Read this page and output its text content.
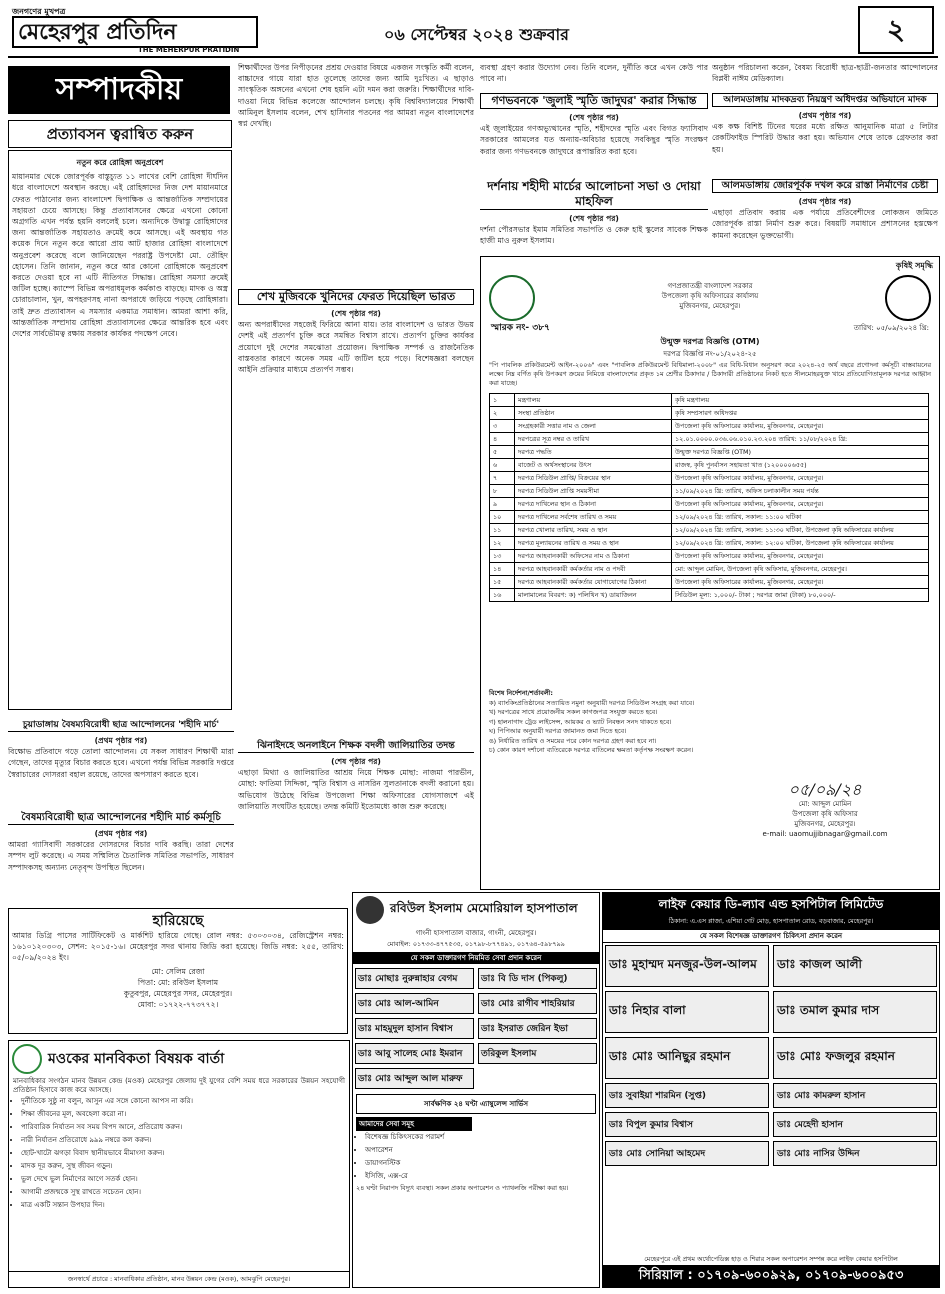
জনগণের মুখপত্র
মেহেরপুর প্রতিদিন
THE MEHERPUR PRATIDIN
০৬ সেপ্টেম্বর ২০২৪ শুক্রবার	২
সম্পাদকীয়
প্রত্যাবসন ত্বরান্বিত করুন
নতুন করে রোহিঙ্গা অনুপ্রবেশ

মায়ানমার থেকে জোরপূর্বক বাস্তুচ্যুত ১১ লাখের বেশি রোহিঙ্গা দীর্ঘদিন ধরে বাংলাদেশে অবস্থান করছে। এই রোহিঙ্গাদের নিজ দেশ মায়ানমারে ফেরত পাঠানোর জন্য বাংলাদেশ দ্বিপাক্ষিক ও আন্তর্জাতিক সম্প্রদায়ের সহায়তা চেয়ে আসছে। কিন্তু প্রত্যাবাসনের ক্ষেত্রে এখনো কোনো অগ্রগতি এখন পর্যন্ত হয়নি বললেই চলে। অন্যদিকে উদ্বাস্তু রোহিঙ্গাদের জন্য আন্তর্জাতিক সহায়তাও ক্রমেই কমে আসছে। এই অবস্থায় গত কয়েক দিনে নতুন করে আরো প্রায় আট হাজার রোহিঙ্গা বাংলাদেশে অনুপ্রবেশ করেছে বলে জানিয়েছেন পররাষ্ট্র উপদেষ্টা মো. তৌহিদ হোসেন। তিনি জানান, নতুন করে আর কোনো রোহিঙ্গাকে অনুপ্রবেশ করতে দেওয়া হবে না এটি নীতিগত সিদ্ধান্ত। রোহিঙ্গা সমস্যা ক্রমেই জটিল হচ্ছে। ক্যাম্পে বিভিন্ন অপরাধমূলক কর্মকাণ্ড বাড়ছে। মাদক ও অস্ত্র চোরাচালান, খুন, অপহরণসহ নানা অপরাধে জড়িয়ে পড়ছে রোহিঙ্গারা। তাই দ্রুত প্রত্যাবাসন এ সমস্যার একমাত্র সমাধান। আমরা আশা করি, আন্তর্জাতিক সম্প্রদায় রোহিঙ্গা প্রত্যাবাসনের ক্ষেত্রে আন্তরিক হবে এবং দেশের সার্বভৌমত্ব রক্ষায় সরকার কার্যকর পদক্ষেপ নেবে।

চুয়াডাঙ্গায় বৈষম্যবিরোধী ছাত্র আন্দোলনের 'শহীদি মার্চ'
(প্রথম পৃষ্ঠার পর)

বিক্ষোভ প্রতিবাদে গড়ে তোলা আন্দোলন। যে সকল সাধারণ শিক্ষার্থী মারা গেছেন, তাদের মৃত্যুর বিচার করতে হবে। এখনো পর্যন্ত বিভিন্ন সরকারি দপ্তরে স্বৈরাচারের দোসররা বহাল রয়েছে, তাদের অপসারণ করতে হবে।

বৈষম্যবিরোধী ছাত্র আন্দোলনের শহীদি মার্চ কর্মসূচি
(প্রথম পৃষ্ঠার পর)

আমরা গ্যাসিবাদী সরকারের দোসরদের বিচার দাবি করছি। তারা দেশের সম্পদ লুট করেছে। এ সময় সম্মিলিত চৈতালিক সমিতির সভাপতি, সাধারণ সম্পাদকসহ অন্যান্য নেতৃবৃন্দ উপস্থিত ছিলেন।

হারিয়েছে

আমার ডিগ্রি পাসের সার্টিফিকেট ও মার্কশিট হারিয়ে গেছে। রোল নম্বর: ৫৩০৩০৩৪, রেজিস্ট্রেশন নম্বর: ১৬১০১২০৩০৩, সেশন: ২০১৫-১৬। মেহেরপুর সদর থানায় জিডি করা হয়েছে। জিডি নম্বর: ২৫৫, তারিখ: ০৫/০৯/২০২৪ ইং।

মো: সেলিম রেজা
পিতা: মো: রবিউল ইসলাম
কুতুবপুর, মেহেরপুর সদর, মেহেরপুর।
মোবা: ০১৭২২-৭৭৩৭৭২।
মওকের মানবিকতা বিষয়ক বার্তা
মানবাধিকার সংগঠন মানব উন্নয়ন কেন্দ্র (মওক) মেহেরপুর জেলায় দুই যুগের বেশি সময় ধরে সরকারের উন্নয়ন সহযোগী প্রতিষ্ঠান হিসাবে কাজ করে আসছে।
• দুর্নীতিকে সুষ্ঠু না বলুন, আসুন এর সঙ্গে কোনো আপস না করি।
• শিক্ষা জীবনের মূল, অবহেলা করো না।
• পারিবারিক নির্যাতন সব সময় বিপদ আনে, প্রতিরোধ করুন।
• নারী নির্যাতন প্রতিরোধে ৯৯৯ নম্বরে কল করুন।
• ছোট-খাটো ঝগড়া বিবাদ স্থানীয়ভাবে মীমাংসা করুন।
• মাদক দূর করুন, সুস্থ জীবন গড়ুন।
• ভুল দেখে ভুল নির্মাণের আগে সতর্ক হোন।
• আগামী প্রজন্মকে সুস্থ রাখতে সচেতন হোন।
• মাত্র একটি সন্তান উপহার দিন।
জনস্বার্থে প্রচারে : মানবাধিকার প্রতিষ্ঠান, মানব উন্নয়ন কেন্দ্র (মওক), আমঝুপি মেহেরপুর।

শিক্ষার্থীদের উপর নিপীড়নের প্রশ্রয় দেওয়ার বিষয়ে একজন সংস্কৃতি কর্মী বলেন, বাচ্চাদের গায়ে যারা হাত তুলেছে তাদের জন্য আমি দুঃখিত। এ ছাড়াও সাংস্কৃতিক অঙ্গনের এখনো শেষ হয়নি এটা দমন করা জরুরি। শিক্ষার্থীদের দাবি-দাওয়া নিয়ে বিভিন্ন কলেজে আন্দোলন চলছে। কৃষি বিশ্ববিদ্যালয়ের শিক্ষার্থী আমিনুল ইসলাম বলেন, শেখ হাসিনার পতনের পর আমরা নতুন বাংলাদেশের স্বপ্ন দেখছি।

শেখ মুজিবকে খুনিদের ফেরত দিয়েছিল ভারত
(শেষ পৃষ্ঠার পর)

অন্য অপরাধীদের সহজেই ফিরিয়ে আনা যায়। তার বাংলাদেশ ও ভারত উভয় দেশই এই প্রত্যর্পণ চুক্তি করে সমন্বিত বিশ্বাস রাখে। প্রত্যর্পণ চুক্তির কার্যকর প্রয়োগে দুই দেশের সমঝোতা প্রয়োজন। দ্বিপাক্ষিক সম্পর্ক ও রাজনৈতিক বাস্তবতার কারণে অনেক সময় এটি জটিল হয়ে পড়ে। বিশেষজ্ঞরা বলছেন আইনি প্রক্রিয়ার মাধ্যমে প্রত্যর্পণ সম্ভব।

ঝিনাইদহে অনলাইনে শিক্ষক বদলী জালিয়াতির তদন্ত
(শেষ পৃষ্ঠার পর)

এছাড়া মিথ্যা ও জালিয়াতির আশ্রয় নিয়ে শিক্ষক মোছা: নাজমা পারভীন, মোছা: ফাতিমা সিদ্দিকা, স্মৃতি বিশ্বাস ও নাসরিন সুলতানাকে বদলী করানো হয়। অভিযোগ উঠেছে বিভিন্ন উপজেলা শিক্ষা অফিসারের যোগসাজশে এই জালিয়াতি সংঘটিত হয়েছে। তদন্ত কমিটি ইতোমধ্যে কাজ শুরু করেছে।

ব্যবস্থা গ্রহণ করার উদ্যোগ নেব। তিনি বলেন, দুর্নীতি করে এখন কেউ পার পাবে না।

অনুষ্ঠান পরিচালনা করেন, বৈষম্য বিরোধী ছাত্র-ছাত্রী-জনতার আন্দোলনের বিপ্লবী নাঈম মেডিক্যাল।

গণভবনকে 'জুলাই স্মৃতি জাদুঘর' করার সিদ্ধান্ত
(শেষ পৃষ্ঠার পর)

এই জুলাইয়ের গণঅভ্যুত্থানের স্মৃতি, শহীদদের স্মৃতি এবং বিগত ফ্যাসিবাদ সরকারের আমলের যত অন্যায়-অবিচার হয়েছে সবকিছুর স্মৃতি সংরক্ষণ করার জন্য গণভবনকে জাদুঘরে রূপান্তরিত করা হবে।

দর্শনায় শহীদী মার্চের আলোচনা সভা ও দোয়া মাহফিল
(শেষ পৃষ্ঠার পর)

দর্শনা পৌরসভার ইমাম সমিতির সভাপতি ও কেরু হাই স্কুলের সাবেক শিক্ষক হাজী মাও নুরুল ইসলাম।

আলমডাঙ্গায় মাদকদ্রব্য নিয়ন্ত্রণ অধিদপ্তর অভিযানে মাদক
(প্রথম পৃষ্ঠার পর)

এক কক্ষ বিশিষ্ট টিনের ঘরের মধ্যে রক্ষিত আনুমানিক মাত্রা ৫ লিটার রেকটিফাইড স্পিরিট উদ্ধার করা হয়। অভিযান শেষে তাকে গ্রেফতার করা হয়।

আলমডাঙ্গায় জোরপূর্বক দখল করে রাস্তা নির্মাণের চেষ্টা
(প্রথম পৃষ্ঠার পর)

এছাড়া প্রতিবাদ করায় এক পর্যায়ে প্রতিবেশীদের লোকজন জমিতে জোরপূর্বক রাস্তা নির্মাণ শুরু করে। বিষয়টি সমাধানে প্রশাসনের হস্তক্ষেপ কামনা করেছেন ভুক্তভোগী।

কৃষিই সমৃদ্ধি
গণপ্রজাতন্ত্রী বাংলাদেশ সরকার
উপজেলা কৃষি অফিসারের কার্যালয়
মুজিবনগর, মেহেরপুর।
স্মারক নং- ৩৮৭	তারিখ: ০৫/০৯/২০২৪ খ্রি:
উন্মুক্ত দরপত্র বিজ্ঞপ্তি (OTM)
দরপত্র বিজ্ঞপ্তি নং-০১/২০২৪-২৫
"পি পাবলিক প্রকিউরমেন্ট আইন-২০০৬" এবং "পাবলিক প্রকিউরমেন্ট বিধিমালা-২০০৮" এর বিধি-বিধান অনুসরণ করে ২০২৪-২৫ অর্থ বছরে প্রণোদনা কর্মসূচী বাস্তবায়নের লক্ষ্যে নিম্ন বর্ণিত কৃষি উপকরণ ক্রয়ের নিমিত্তে বাংলাদেশের প্রকৃত ১ম শ্রেণীর ঠিকাদার / ঠিকাদারী প্রতিষ্ঠানের নিকট হতে সীলমোহরযুক্ত খামে প্রতিযোগিতামূলক দরপত্র আহ্বান করা যাচ্ছে।
১	মন্ত্রণালয়	কৃষি মন্ত্রণালয়
২	সংস্থা প্রতিষ্ঠান	কৃষি সম্প্রসারণ অধিদপ্তর
৩	সংগ্রহকারী সত্তার নাম ও জেলা	উপজেলা কৃষি অফিসারের কার্যালয়, মুজিবনগর, মেহেরপুর।
৪	দরপত্রের সূত্র নম্বর ও তারিখ	১২.০১.০০০০.০৩৬.০৬.০১০.২৩.২০৪ তারিখ: ১১/০৮/২০২৪ খ্রি:
৫	দরপত্র পদ্ধতি	উন্মুক্ত দরপত্র বিজ্ঞপ্তি (OTM)
৬	বাজেট ও অর্থসংস্থানের উৎস	রাজস্ব, কৃষি পুনর্বাসন সহায়তা খাত (১২০০০০৬৫৫)
৭	দরপত্র সিডিউল প্রাপ্তি/ বিক্রয়ের স্থান	উপজেলা কৃষি অফিসারের কার্যালয়, মুজিবনগর, মেহেরপুর।
৮	দরপত্র সিডিউল প্রাপ্তি সময়সীমা	১১/০৯/২০২৪ খ্রি: তারিখ, অফিস চলাকালীন সময় পর্যন্ত
৯	দরপত্র দাখিলের স্থান ও ঠিকানা	উপজেলা কৃষি অফিসারের কার্যালয়, মুজিবনগর, মেহেরপুর।
১০	দরপত্র দাখিলের সর্বশেষ তারিখ ও সময়	১২/০৯/২০২৪ খ্রি: তারিখ, সকাল: ১১:০০ ঘটিকা
১১	দরপত্র খোলার তারিখ, সময় ও স্থান	১২/০৯/২০২৪ খ্রি: তারিখ, সকাল: ১১:৩০ ঘটিকা, উপজেলা কৃষি অফিসারের কার্যালয়
১২	দরপত্র মূল্যায়নের তারিখ ও সময় ও স্থান	১২/০৯/২০২৪ খ্রি: তারিখ, সকাল: ১২:০০ ঘটিকা, উপজেলা কৃষি অফিসারের কার্যালয়
১৩	দরপত্র আহবানকারী অফিসের নাম ও ঠিকানা	উপজেলা কৃষি অফিসারের কার্যালয়, মুজিবনগর, মেহেরপুর।
১৪	দরপত্র আহবানকারী কর্মকর্তার নাম ও পদবী	মো: আব্দুল মোমিন, উপজেলা কৃষি অফিসার, মুজিবনগর, মেহেরপুর।
১৫	দরপত্র আহবানকারী কর্মকর্তার যোগাযোগের ঠিকানা	উপজেলা কৃষি অফিসারের কার্যালয়, মুজিবনগর, মেহেরপুর।
১৬	মালামালের বিবরণ: ক) পলিথিন খ) ডায়াজিনন	সিডিউল মূল্য: ১,০০০/- টাকা ; দরপত্র জামা (টাকা) ৮০,০০০/-
বিশেষ নির্দেশনা/শর্তাবলী:
ক) ব্যাংকিংপ্রতিষ্ঠানের সত্যায়িত নমুনা অনুযায়ী দরপত্র সিডিউল সংগ্রহ করা যাবে।
খ) দরপত্রের সাথে প্রয়োজনীয় সকল কাগজপত্র সংযুক্ত করতে হবে।
গ) হালনাগাদ ট্রেড লাইসেন্স, আয়কর ও ভ্যাট নিবন্ধন সনদ থাকতে হবে।
ঘ) পিপিআর অনুযায়ী দরপত্র জামানত জমা দিতে হবে।
ঙ) নির্ধারিত তারিখ ও সময়ের পরে কোন দরপত্র গ্রহণ করা হবে না।
চ) কোন কারণ দর্শানো ব্যতিরেকে দরপত্র বাতিলের ক্ষমতা কর্তৃপক্ষ সংরক্ষণ করেন।
০৫/০৯/২৪
মো: আব্দুল মোমিন
উপজেলা কৃষি অফিসার
মুজিবনগর, মেহেরপুর।
e-mail: uaomujjibnagar@gmail.com
রবিউল ইসলাম মেমোরিয়াল হাসপাতাল
গাংনী হাসপাতাল বাজার, গাংনী, মেহেরপুর।
মোবাইল: ০১৭৩৩-৪৭৭৫৩৫, ০১৭৯৮-৮৭৭৪৯১, ০১৭৬৪-৫৯৮৭৯৯
যে সকল ডাক্তারগণ নিয়মিত সেবা প্রদান করেন
ডাঃ মোছাঃ নুরুন্নাহার বেগম	ডাঃ বি ডি দাস (পিকলু)
ডাঃ মোঃ আল-আমিন	ডাঃ মোঃ রাগীব শাহরিয়ার
ডাঃ মাহমুদুল হাসান বিশ্বাস	ডাঃ ইসরাত জেরিন ইভা
ডাঃ আবু সালেহ মোঃ ইমরান	তরিকুল ইসলাম
ডাঃ মোঃ আব্দুল আল মারুফ
সার্বক্ষণিক ২৪ ঘণ্টা এ্যাম্বুলেন্স সার্ভিস
আমাদের সেবা সমূহ
• বিশেষজ্ঞ চিকিৎসকের পরামর্শ
• অপারেশন
• ডায়াগনস্টিক
• ইসিজি, এক্স-রে
২৪ ঘণ্টা নিরাপদ বিদ্যুৎ ব্যবস্থা। সকল প্রকার অপারেশন ও প্যাথলজি পরীক্ষা করা হয়।
লাইফ কেয়ার ডি-ল্যাব এন্ড হসপিটাল লিমিটেড
ঠিকানা: এ.এস প্লাজা, এশিয়া গেট মোড়, হাসপাতাল রোড, বড়বাজার, মেহেরপুর।
যে সকল বিশেষজ্ঞ ডাক্তারগণ চিকিৎসা প্রদান করেন
ডাঃ মুহাম্মদ মনজুর-উল-আলম	ডাঃ কাজল আলী
ডাঃ নিহার বালা	ডাঃ তমাল কুমার দাস
ডাঃ মোঃ আনিছুর রহমান	ডাঃ মোঃ ফজলুর রহমান
ডাঃ সুবাইয়া শারমিন (সুপ্ত)	ডাঃ মোঃ কামরুল হাসান
ডাঃ বিপুল কুমার বিশ্বাস	ডাঃ মেহেদী হাসান
ডাঃ মোঃ সোনিয়া আহমেদ	ডাঃ মোঃ নাসির উদ্দিন
মেহেরপুরে এই প্রথম অর্থোপেডিক্স হাড় ও শিরার সকল অপারেশন সম্পন্ন করে লাইফ কেয়ার হসপিটাল
সিরিয়াল : ০১৭০৯-৬০০৯২৯, ০১৭০৯-৬০০৯৫৩
